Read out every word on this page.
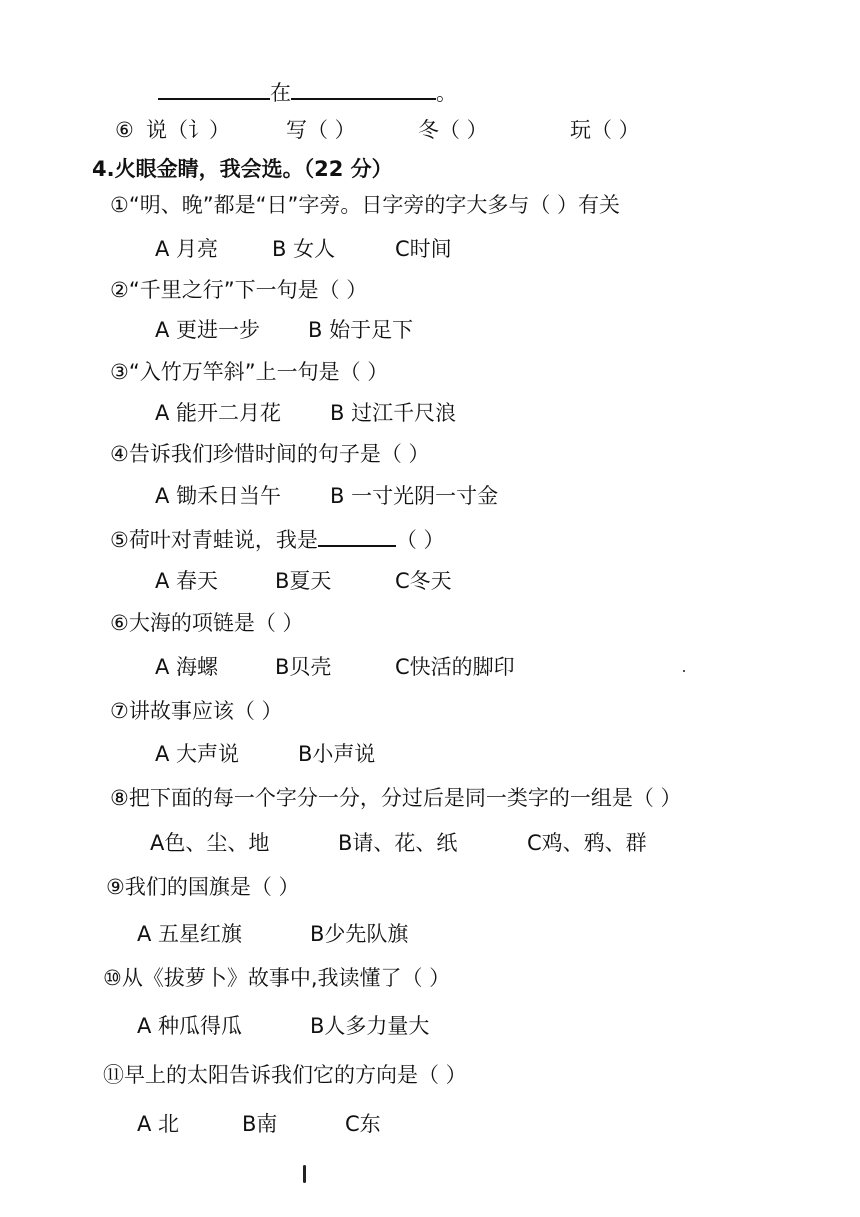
在	。
⑥ 说（讠）	写（ ）	冬（ ）	玩（ ）
4.火眼金睛，我会选。（22 分）
①“明、晚”都是“日”字旁。日字旁的字大多与（ ）有关
A 月亮	B 女人	C时间
②“千里之行”下一句是（ ）
A 更进一步 B 始于足下
③“入竹万竿斜”上一句是（ ）
A 能开二月花 B 过江千尺浪
④告诉我们珍惜时间的句子是（ ）
A 锄禾日当午 B 一寸光阴一寸金
⑤荷叶对青蛙说，我是	（ ）
A 春天	B夏天	C冬天
⑥大海的项链是（ ）
A 海螺	B贝壳	C快活的脚印
⑦讲故事应该（ ）
A 大声说	B小声说
⑧把下面的每一个字分一分，分过后是同一类字的一组是（ ）
A色、尘、地	B请、花、纸	C鸡、鸦、群
⑨我们的国旗是（ ）
A 五星红旗	B少先队旗
⑩从《拔萝卜》故事中,我读懂了（ ）
A 种瓜得瓜	B人多力量大
⑪早上的太阳告诉我们它的方向是（ ）
A 北	B南	C东
